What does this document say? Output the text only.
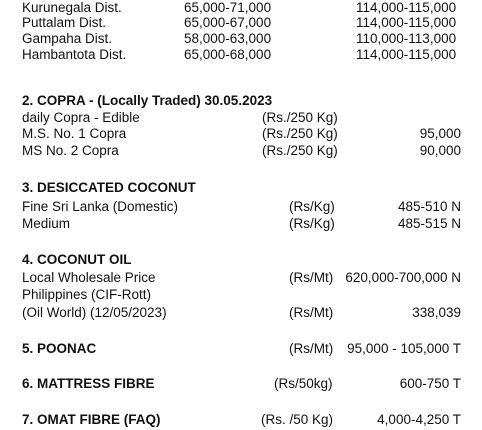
Kurunegala Dist.	65,000-71,000	114,000-115,000
Puttalam Dist.	65,000-67,000	114,000-115,000
Gampaha Dist.	58,000-63,000	110,000-113,000
Hambantota Dist.	65,000-68,000	114,000-115,000
2. COPRA - (Locally Traded) 30.05.2023
daily Copra - Edible	(Rs./250 Kg)
M.S. No. 1 Copra	(Rs./250 Kg)	95,000
MS No. 2 Copra	(Rs./250 Kg)	90,000
3. DESICCATED COCONUT
Fine Sri Lanka (Domestic)	(Rs/Kg)	485-510 N
Medium	(Rs/Kg)	485-515 N
4. COCONUT OIL
Local Wholesale Price	(Rs/Mt) 620,000-700,000 N
Philippines (CIF-Rott)
(Oil World) (12/05/2023)	(Rs/Mt)	338,039
5. POONAC	(Rs/Mt) 95,000 - 105,000 T
6. MATTRESS FIBRE	(Rs/50kg)	600-750 T
7. OMAT FIBRE (FAQ)	(Rs. /50 Kg)	4,000-4,250 T
